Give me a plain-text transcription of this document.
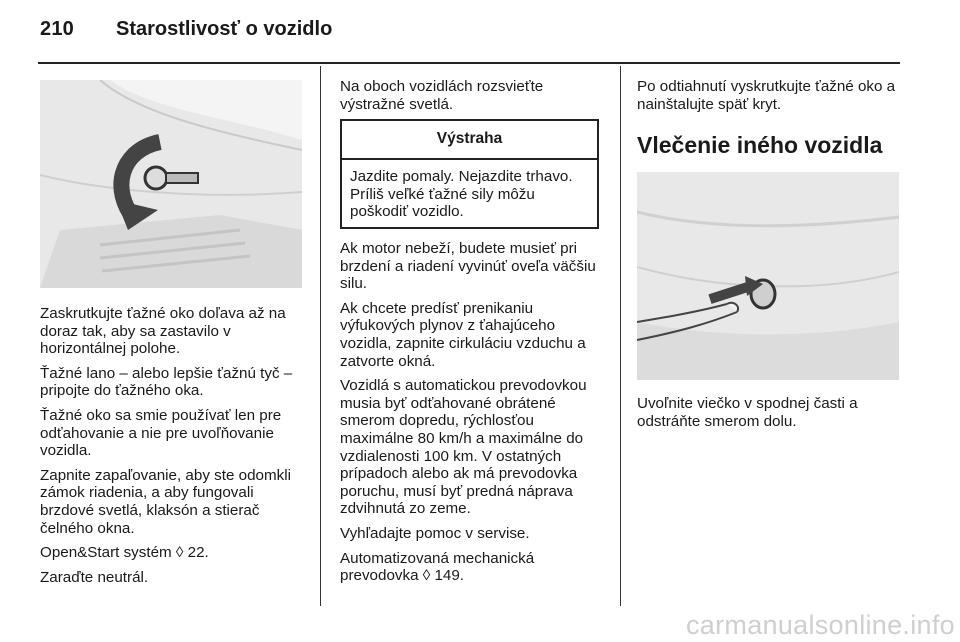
210 Starostlivosť o vozidlo

Zaskrutkujte ťažné oko doľava až na doraz tak, aby sa zastavilo v horizontálnej polohe.

Ťažné lano – alebo lepšie ťažnú tyč – pripojte do ťažného oka.

Ťažné oko sa smie používať len pre odťahovanie a nie pre uvoľňovanie vozidla.

Zapnite zapaľovanie, aby ste odomkli zámok riadenia, a aby fungovali brzdové svetlá, klaksón a stierač čelného okna.

Open&Start systém ◊ 22.

Zaraďte neutrál.

Na oboch vozidlách rozsvieťte výstražné svetlá.

Výstraha
Jazdite pomaly. Nejazdite trhavo. Príliš veľké ťažné sily môžu poškodiť vozidlo.

Ak motor nebeží, budete musieť pri brzdení a riadení vyvinúť oveľa väčšiu silu.

Ak chcete predísť prenikaniu výfukových plynov z ťahajúceho vozidla, zapnite cirkuláciu vzduchu a zatvorte okná.

Vozidlá s automatickou prevodovkou musia byť odťahované obrátené smerom dopredu, rýchlosťou maximálne 80 km/h a maximálne do vzdialenosti 100 km. V ostatných prípadoch alebo ak má prevodovka poruchu, musí byť predná náprava zdvihnutá zo zeme.

Vyhľadajte pomoc v servise.

Automatizovaná mechanická prevodovka ◊ 149.

Po odtiahnutí vyskrutkujte ťažné oko a nainštalujte späť kryt.

Vlečenie iného vozidla

Uvoľnite viečko v spodnej časti a odstráňte smerom dolu.

carmanualsonline.info
